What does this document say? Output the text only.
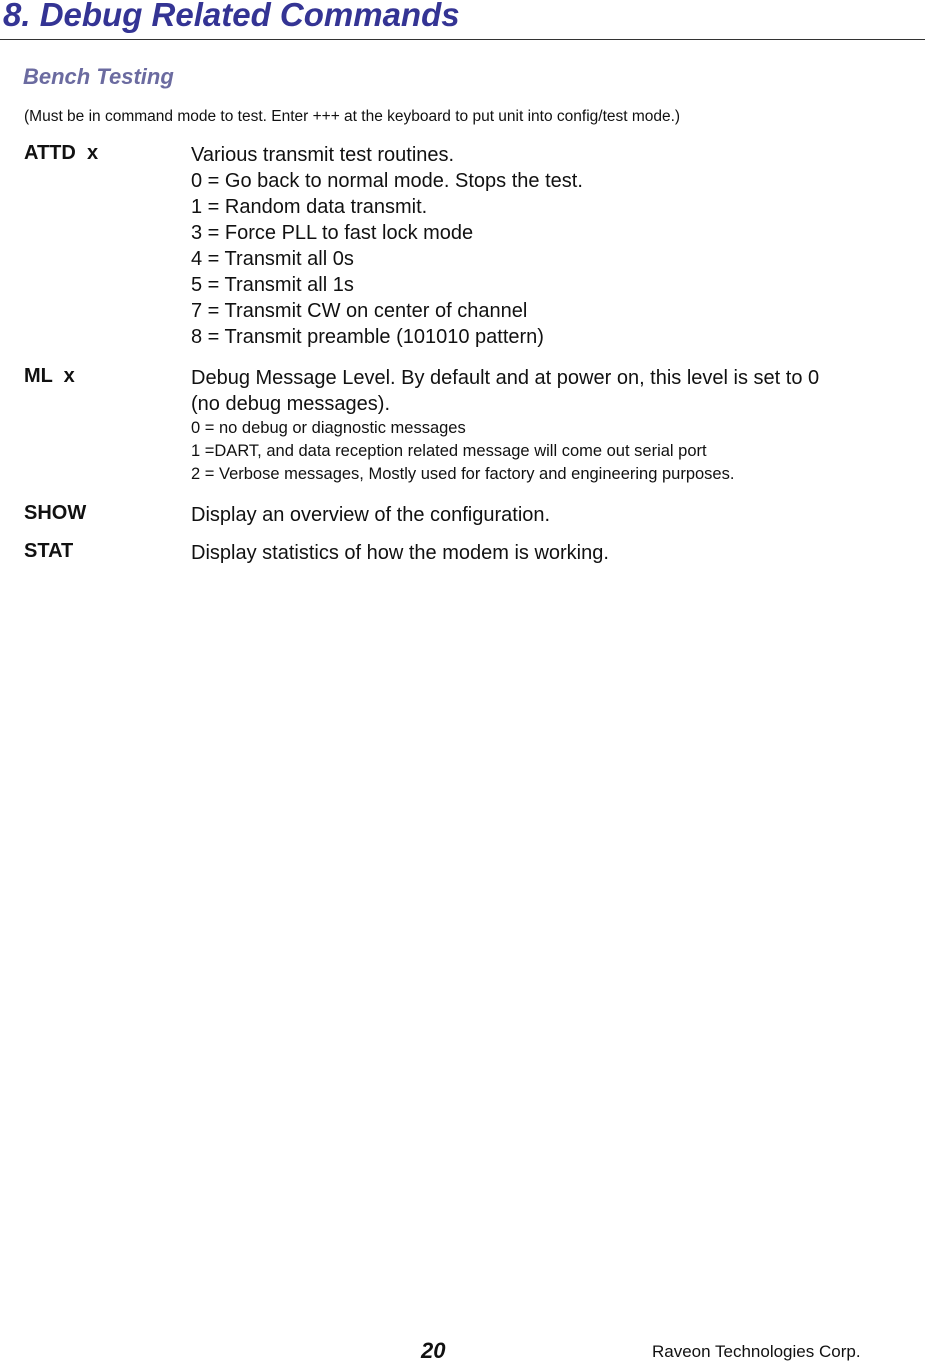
8. Debug Related Commands
Bench Testing

(Must be in command mode to test. Enter +++ at the keyboard to put unit into config/test mode.)

ATTD  x	Various transmit test routines.
0 = Go back to normal mode. Stops the test.
1 = Random data transmit.
3 = Force PLL to fast lock mode
4 = Transmit all 0s
5 = Transmit all 1s
7 = Transmit CW on center of channel
8 = Transmit preamble (101010 pattern)
ML  x	Debug Message Level. By default and at power on, this level is set to 0
(no debug messages).
0 = no debug or diagnostic messages
1 =DART, and data reception related message will come out serial port
2 = Verbose messages, Mostly used for factory and engineering purposes.
SHOW	Display an overview of the configuration.
STAT	Display statistics of how the modem is working.
20	Raveon Technologies Corp.
